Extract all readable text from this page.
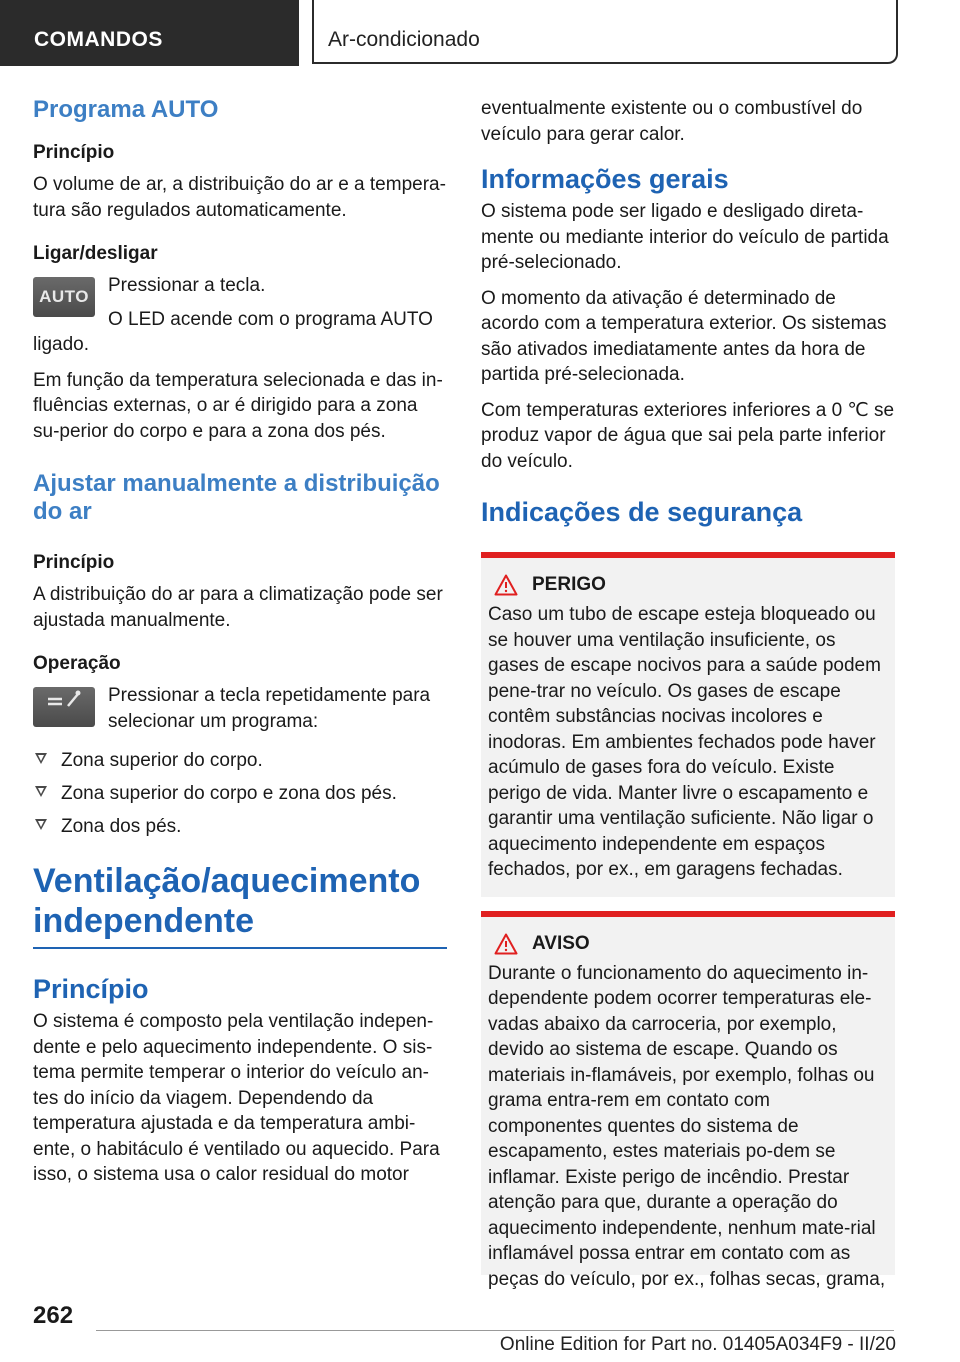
COMANDOS	Ar-condicionado
Programa AUTO
Princípio

O volume de ar, a distribuição do ar e a tempera-tura são regulados automaticamente.

Ligar/desligar
AUTO

Pressionar a tecla.

O LED acende com o programa AUTO

ligado.

Em função da temperatura selecionada e das in-fluências externas, o ar é dirigido para a zona su-perior do corpo e para a zona dos pés.

Ajustar manualmente a distribuição do ar
Princípio

A distribuição do ar para a climatização pode ser ajustada manualmente.

Operação

Pressionar a tecla repetidamente para selecionar um programa:

Zona superior do corpo.
Zona superior do corpo e zona dos pés.
Zona dos pés.
Ventilação/aquecimento independente
Princípio

O sistema é composto pela ventilação indepen-dente e pelo aquecimento independente. O sis-tema permite temperar o interior do veículo an-tes do início da viagem. Dependendo da temperatura ajustada e da temperatura ambi-ente, o habitáculo é ventilado ou aquecido. Para isso, o sistema usa o calor residual do motor

eventualmente existente ou o combustível do veículo para gerar calor.

Informações gerais

O sistema pode ser ligado e desligado direta-mente ou mediante interior do veículo de partida pré-selecionado.

O momento da ativação é determinado de acordo com a temperatura exterior. Os sistemas são ativados imediatamente antes da hora de partida pré-selecionada.

Com temperaturas exteriores inferiores a 0 ℃ se produz vapor de água que sai pela parte inferior do veículo.

Indicações de segurança
PERIGO

Caso um tubo de escape esteja bloqueado ou se houver uma ventilação insuficiente, os gases de escape nocivos para a saúde podem pene-trar no veículo. Os gases de escape contêm substâncias nocivas incolores e inodoras. Em ambientes fechados pode haver acúmulo de gases fora do veículo. Existe perigo de vida. Manter livre o escapamento e garantir uma ventilação suficiente. Não ligar o aquecimento independente em espaços fechados, por ex., em garagens fechadas.

AVISO

Durante o funcionamento do aquecimento in-dependente podem ocorrer temperaturas ele-vadas abaixo da carroceria, por exemplo, devido ao sistema de escape. Quando os materiais in-flamáveis, por exemplo, folhas ou grama entra-rem em contato com componentes quentes do sistema de escapamento, estes materiais po-dem se inflamar. Existe perigo de incêndio. Prestar atenção para que, durante a operação do aquecimento independente, nenhum mate-rial inflamável possa entrar em contato com as peças do veículo, por ex., folhas secas, grama,

262
Online Edition for Part no. 01405A034F9 - II/20
